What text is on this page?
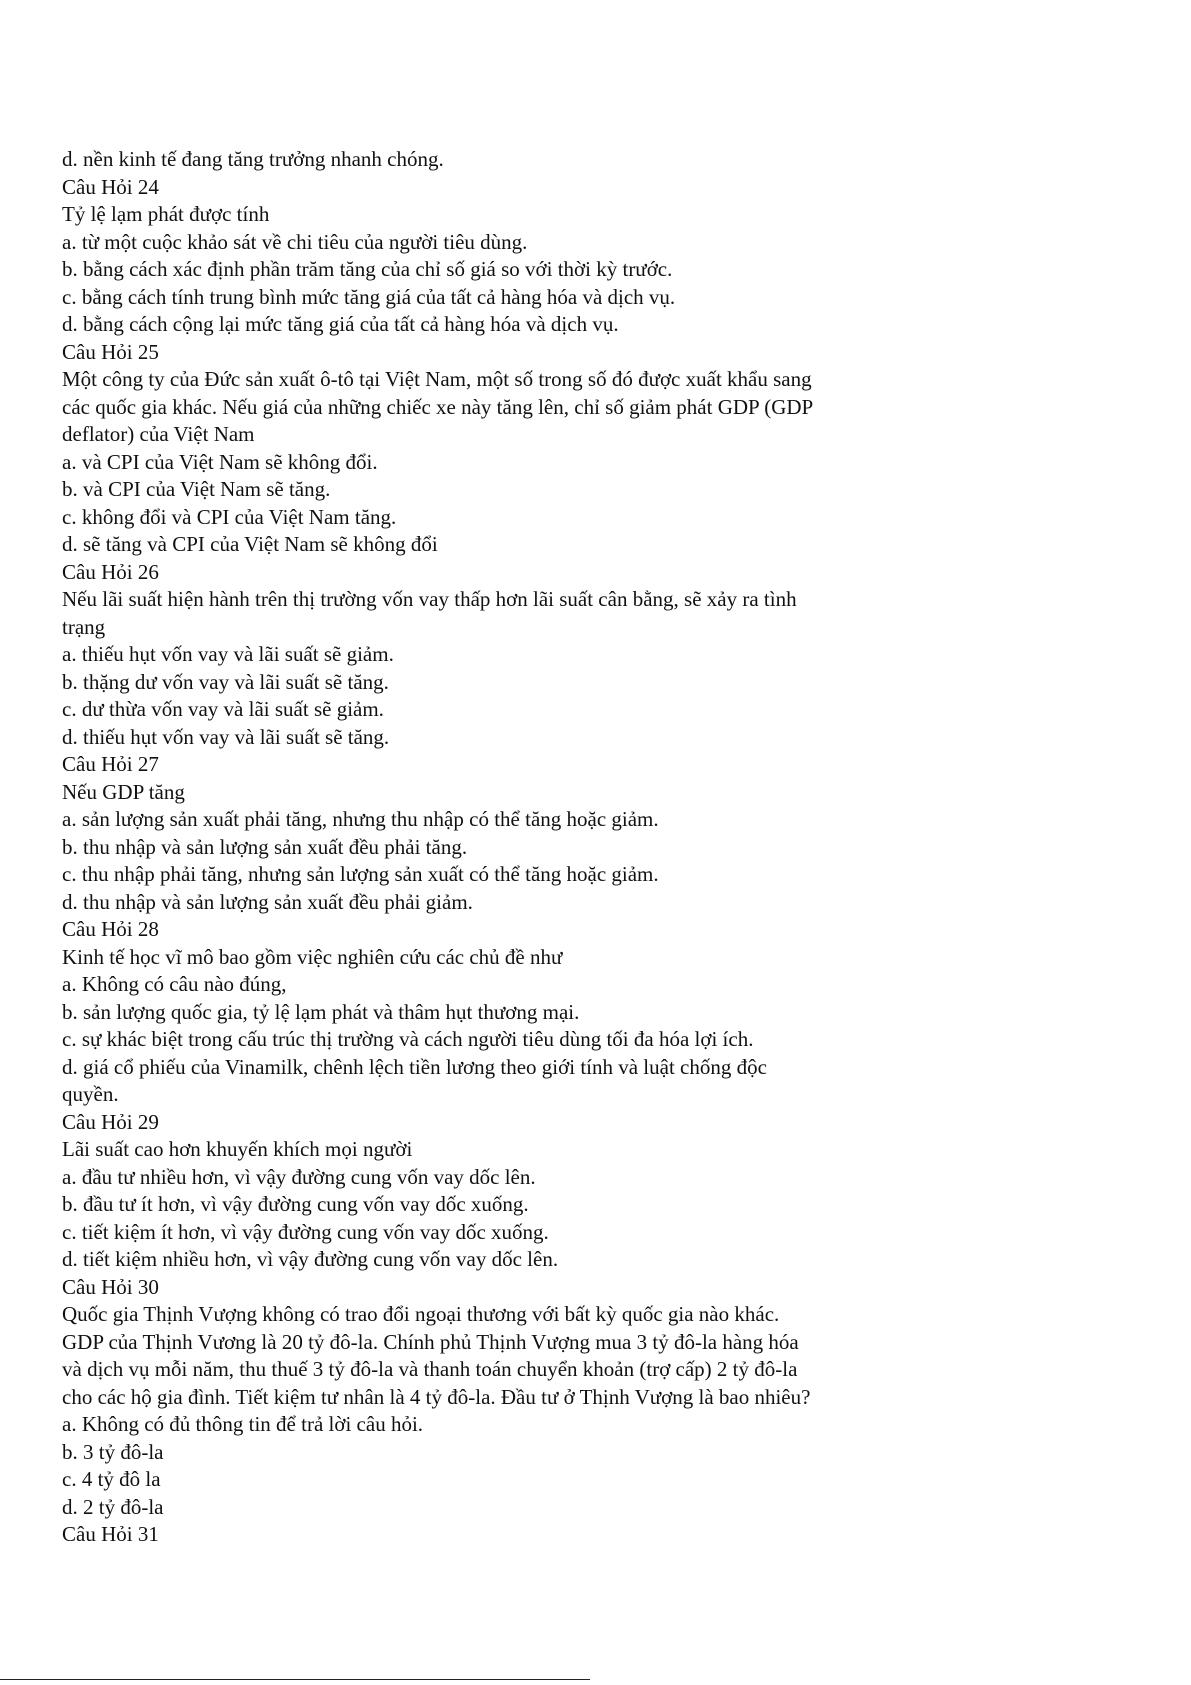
d. nền kinh tế đang tăng trưởng nhanh chóng.

Câu Hỏi 24

Tỷ lệ lạm phát được tính

a. từ một cuộc khảo sát về chi tiêu của người tiêu dùng.

b. bằng cách xác định phần trăm tăng của chỉ số giá so với thời kỳ trước.

c. bằng cách tính trung bình mức tăng giá của tất cả hàng hóa và dịch vụ.

d. bằng cách cộng lại mức tăng giá của tất cả hàng hóa và dịch vụ.

Câu Hỏi 25

Một công ty của Đức sản xuất ô-tô tại Việt Nam, một số trong số đó được xuất khẩu sang

các quốc gia khác. Nếu giá của những chiếc xe này tăng lên, chỉ số giảm phát GDP (GDP

deflator) của Việt Nam

a. và CPI của Việt Nam sẽ không đổi.

b. và CPI của Việt Nam sẽ tăng.

c. không đổi và CPI của Việt Nam tăng.

d. sẽ tăng và CPI của Việt Nam sẽ không đổi

Câu Hỏi 26

Nếu lãi suất hiện hành trên thị trường vốn vay thấp hơn lãi suất cân bằng, sẽ xảy ra tình

trạng

a. thiếu hụt vốn vay và lãi suất sẽ giảm.

b. thặng dư vốn vay và lãi suất sẽ tăng.

c. dư thừa vốn vay và lãi suất sẽ giảm.

d. thiếu hụt vốn vay và lãi suất sẽ tăng.

Câu Hỏi 27

Nếu GDP tăng

a. sản lượng sản xuất phải tăng, nhưng thu nhập có thể tăng hoặc giảm.

b. thu nhập và sản lượng sản xuất đều phải tăng.

c. thu nhập phải tăng, nhưng sản lượng sản xuất có thể tăng hoặc giảm.

d. thu nhập và sản lượng sản xuất đều phải giảm.

Câu Hỏi 28

Kinh tế học vĩ mô bao gồm việc nghiên cứu các chủ đề như

a. Không có câu nào đúng,

b. sản lượng quốc gia, tỷ lệ lạm phát và thâm hụt thương mại.

c. sự khác biệt trong cấu trúc thị trường và cách người tiêu dùng tối đa hóa lợi ích.

d. giá cổ phiếu của Vinamilk, chênh lệch tiền lương theo giới tính và luật chống độc

quyền.

Câu Hỏi 29

Lãi suất cao hơn khuyến khích mọi người

a. đầu tư nhiều hơn, vì vậy đường cung vốn vay dốc lên.

b. đầu tư ít hơn, vì vậy đường cung vốn vay dốc xuống.

c. tiết kiệm ít hơn, vì vậy đường cung vốn vay dốc xuống.

d. tiết kiệm nhiều hơn, vì vậy đường cung vốn vay dốc lên.

Câu Hỏi 30

Quốc gia Thịnh Vượng không có trao đổi ngoại thương với bất kỳ quốc gia nào khác.

GDP của Thịnh Vương là 20 tỷ đô-la. Chính phủ Thịnh Vượng mua 3 tỷ đô-la hàng hóa

và dịch vụ mỗi năm, thu thuế 3 tỷ đô-la và thanh toán chuyển khoản (trợ cấp) 2 tỷ đô-la

cho các hộ gia đình. Tiết kiệm tư nhân là 4 tỷ đô-la. Đầu tư ở Thịnh Vượng là bao nhiêu?

a. Không có đủ thông tin để trả lời câu hỏi.

b. 3 tỷ đô-la

c. 4 tỷ đô la

d. 2 tỷ đô-la

Câu Hỏi 31
